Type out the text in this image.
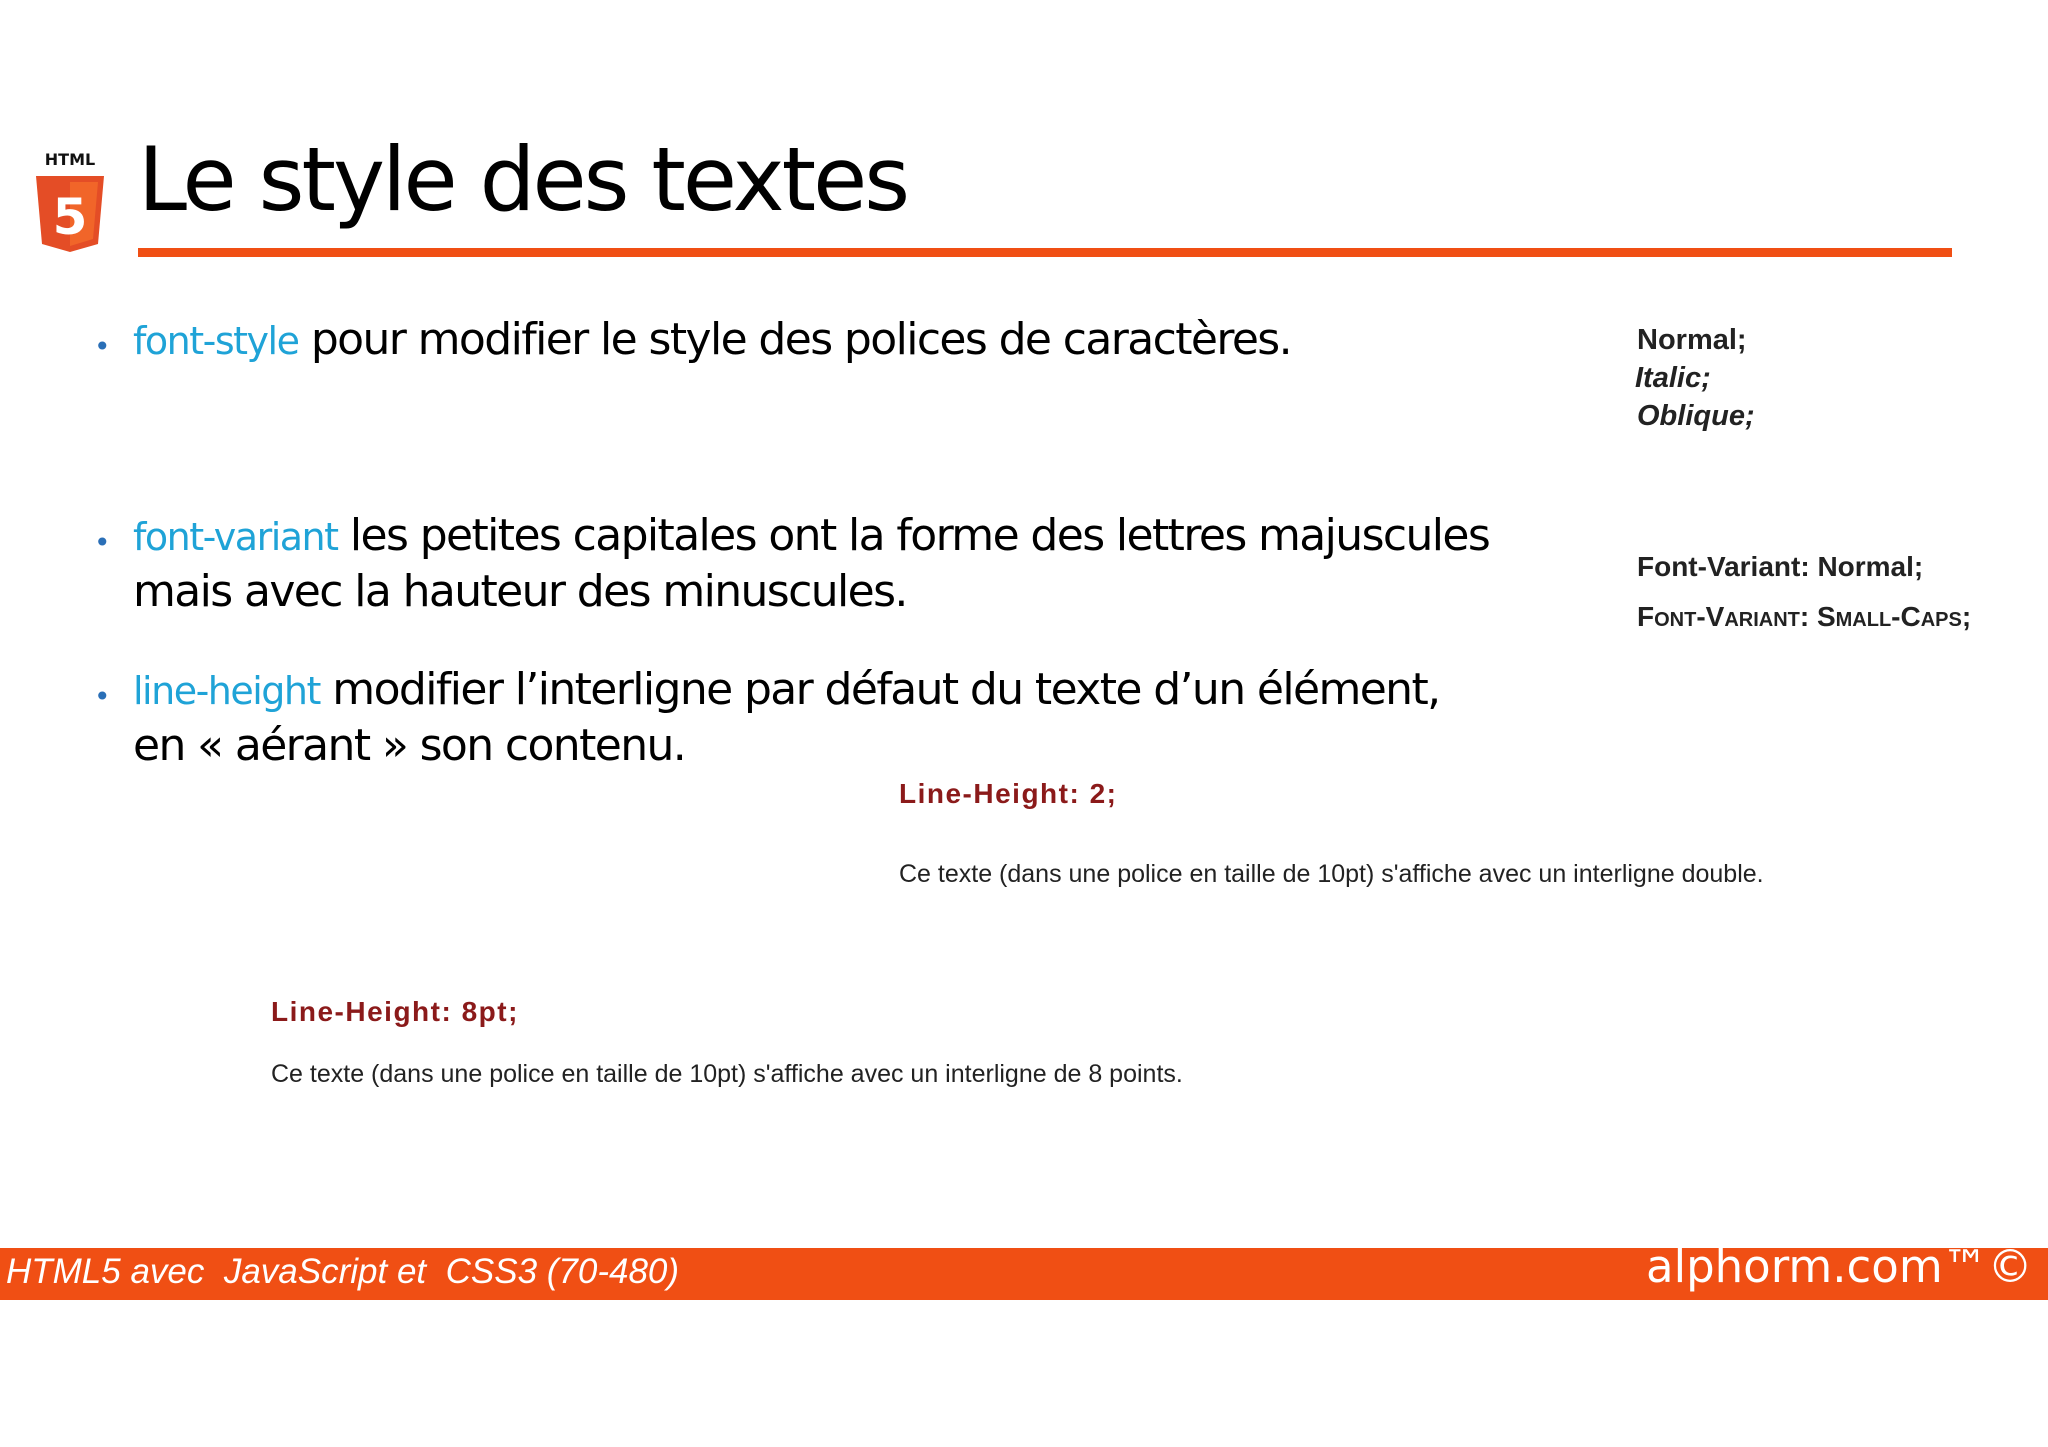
HTML
5 Le style des textes
• font-style pour modifier le style des polices de caractères.
• font-variant les petites capitales ont la forme des lettres majuscules
mais avec la hauteur des minuscules.
• line-height modifier l’interligne par défaut du texte d’un élément,
en « aérant » son contenu.
Normal;
Italic;
Oblique;
Font-Variant: Normal;
Font-Variant: Small-Caps;
Line-Height: 2;
Ce texte (dans une police en taille de 10pt) s'affiche avec un interligne double.
Line-Height: 8pt;
Ce texte (dans une police en taille de 10pt) s'affiche avec un interligne de 8 points.
HTML5 avec  JavaScript et  CSS3 (70-480)	alphorm.com™©
